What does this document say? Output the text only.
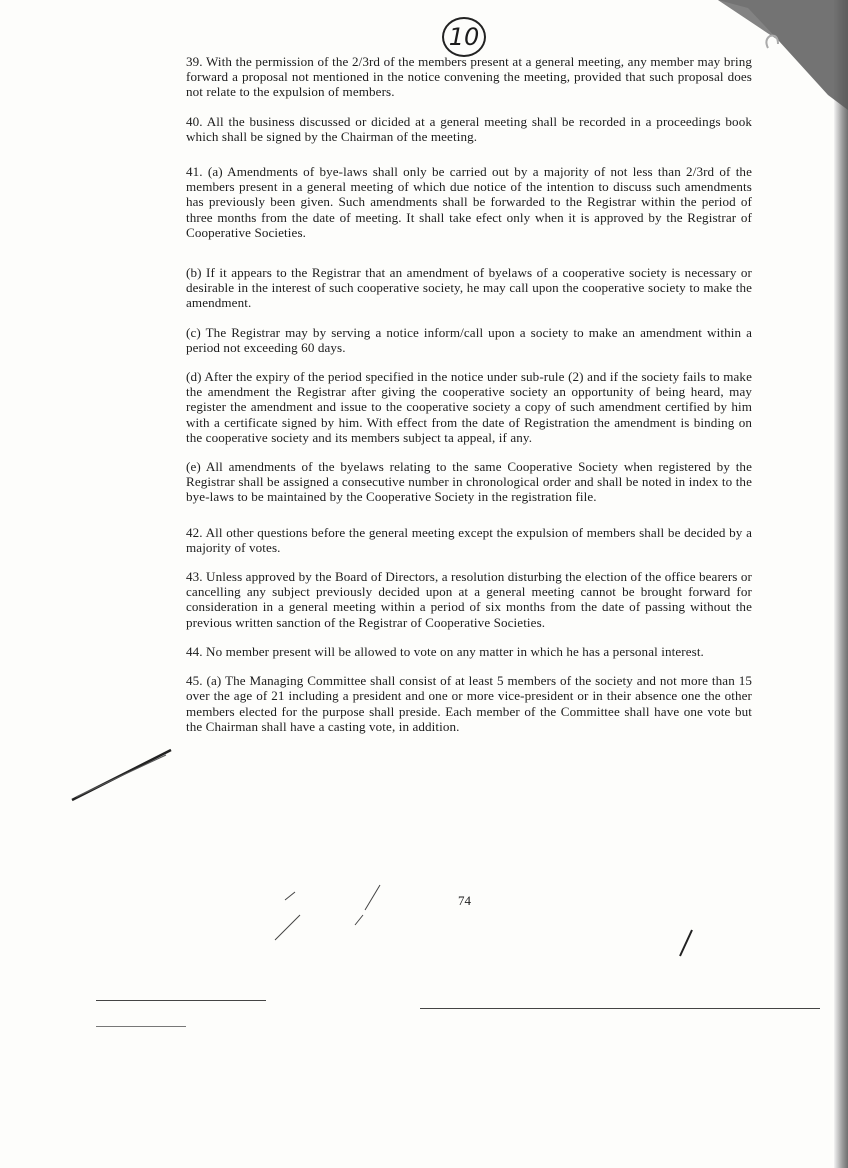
10

39. With the permission of the 2/3rd of the members present at a general meeting, any member may bring forward a proposal not mentioned in the notice convening the meeting, provided that such proposal does not relate to the expulsion of members.

40. All the business discussed or dicided at a general meeting shall be recorded in a proceedings book which shall be signed by the Chairman of the meeting.

41. (a) Amendments of bye-laws shall only be carried out by a majority of not less than 2/3rd of the members present in a general meeting of which due notice of the intention to discuss such amendments has previously been given. Such amendments shall be forwarded to the Registrar within the period of three months from the date of meeting. It shall take efect only when it is approved by the Registrar of Cooperative Societies.

(b) If it appears to the Registrar that an amendment of byelaws of a cooperative society is necessary or desirable in the interest of such cooperative society, he may call upon the cooperative society to make the amendment.

(c) The Registrar may by serving a notice inform/call upon a society to make an amendment within a period not exceeding 60 days.

(d) After the expiry of the period specified in the notice under sub-rule (2) and if the society fails to make the amendment the Registrar after giving the cooperative society an opportunity of being heard, may register the amendment and issue to the cooperative society a copy of such amendment certified by him with a certificate signed by him. With effect from the date of Registration the amendment is binding on the cooperative society and its members subject ta appeal, if any.

(e) All amendments of the byelaws relating to the same Cooperative Society when registered by the Registrar shall be assigned a consecutive number in chronological order and shall be noted in index to the bye-laws to be maintained by the Cooperative Society in the registration file.

42. All other questions before the general meeting except the expulsion of members shall be decided by a majority of votes.

43. Unless approved by the Board of Directors, a resolution disturbing the election of the office bearers or cancelling any subject previously decided upon at a general meeting cannot be brought forward for consideration in a general meeting within a period of six months from the date of passing without the previous written sanction of the Registrar of Cooperative Societies.

44. No member present will be allowed to vote on any matter in which he has a personal interest.

45. (a) The Managing Committee shall consist of at least 5 members of the society and not more than 15 over the age of 21 including a president and one or more vice-president or in their absence one the other members elected for the purpose shall preside. Each member of the Committee shall have one vote but the Chairman shall have a casting vote, in addition.

74
